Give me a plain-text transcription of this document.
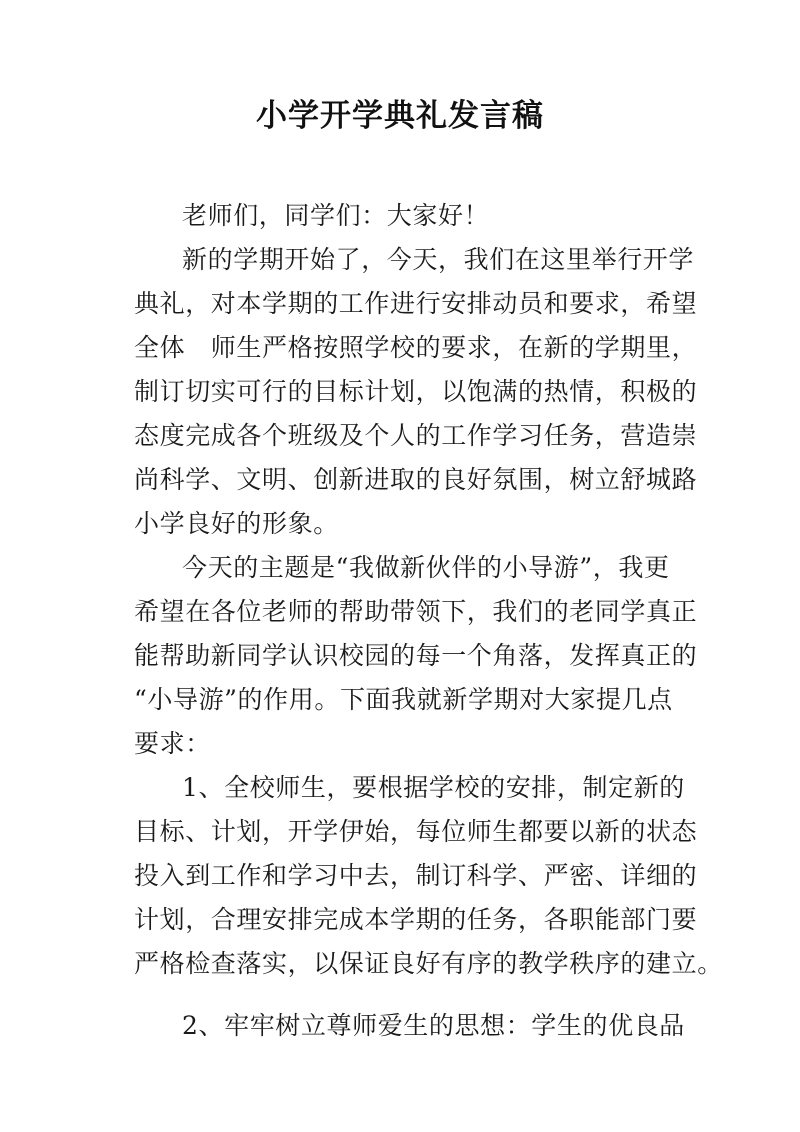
小学开学典礼发言稿
老师们，同学们：大家好！
新的学期开始了，今天，我们在这里举行开学
典礼，对本学期的工作进行安排动员和要求，希望
全体　师生严格按照学校的要求，在新的学期里，
制订切实可行的目标计划，以饱满的热情，积极的
态度完成各个班级及个人的工作学习任务，营造崇
尚科学、文明、创新进取的良好氛围，树立舒城路
小学良好的形象。
今天的主题是“我做新伙伴的小导游”，我更
希望在各位老师的帮助带领下，我们的老同学真正
能帮助新同学认识校园的每一个角落，发挥真正的
“小导游”的作用。下面我就新学期对大家提几点
要求：
1、全校师生，要根据学校的安排，制定新的
目标、计划，开学伊始，每位师生都要以新的状态
投入到工作和学习中去，制订科学、严密、详细的
计划，合理安排完成本学期的任务，各职能部门要
严格检查落实，以保证良好有序的教学秩序的建立。
2、牢牢树立尊师爱生的思想：学生的优良品
